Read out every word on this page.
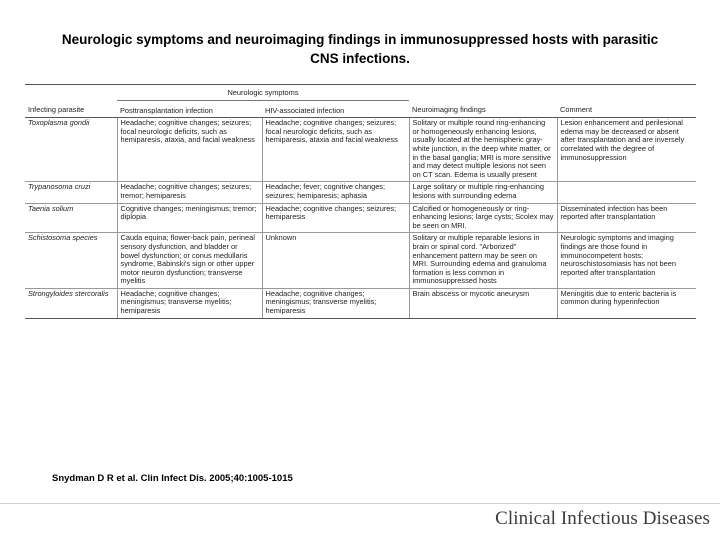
Neurologic symptoms and neuroimaging findings in immunosuppressed hosts with parasitic
CNS infections.
	Neurologic symptoms			
Infecting parasite	Posttransplantation infection	HIV-associated infection	Neuroimaging findings	Comment
Toxoplasma gondii	Headache; cognitive changes; seizures; focal neurologic deficits, such as hemiparesis, ataxia, and facial weakness	Headache; cognitive changes; seizures; focal neurologic deficits, such as hemiparesis, ataxia and facial weakness	Solitary or multiple round ring-enhancing or homogeneously enhancing lesions, usually located at the hemispheric gray-white junction, in the deep white matter, or in the basal ganglia; MRI is more sensitive and may detect multiple lesions not seen on CT scan. Edema is usually present	Lesion enhancement and perilesional edema may be decreased or absent after transplantation and are inversely correlated with the degree of immunosuppression
Trypanosoma cruzi	Headache; cognitive changes; seizures; tremor; hemiparesis	Headache; fever; cognitive changes; seizures; hemiparesis; aphasia	Large solitary or multiple ring-enhancing lesions with surrounding edema	
Taenia solium	Cognitive changes; meningismus; tremor; diplopia	Headache; cognitive changes; seizures; hemiparesis	Calcified or homogeneously or ring-enhancing lesions; large cysts; Scolex may be seen on MRI.	Disseminated infection has been reported after transplantation
Schistosoma species	Cauda equina; flower-back pain, perineal sensory dysfunction, and bladder or bowel dysfunction; or conus medullaris syndrome, Babinski's sign or other upper motor neuron dysfunction; transverse myelitis	Unknown	Solitary or multiple reparable lesions in brain or spinal cord. "Arborized" enhancement pattern may be seen on MRI. Surrounding edema and granuloma formation is less common in immunosuppressed hosts	Neurologic symptoms and imaging findings are those found in immunocompetent hosts; neuroschistosomiasis has not been reported after transplantation
Strongyloides stercoralis	Headache; cognitive changes; meningismus; transverse myelitis; hemiparesis	Headache; cognitive changes; meningismus; transverse myelitis; hemiparesis	Brain abscess or mycotic aneurysm	Meningitis due to enteric bacteria is common during hyperinfection
Snydman D R et al. Clin Infect Dis. 2005;40:1005-1015
Clinical Infectious Diseases
